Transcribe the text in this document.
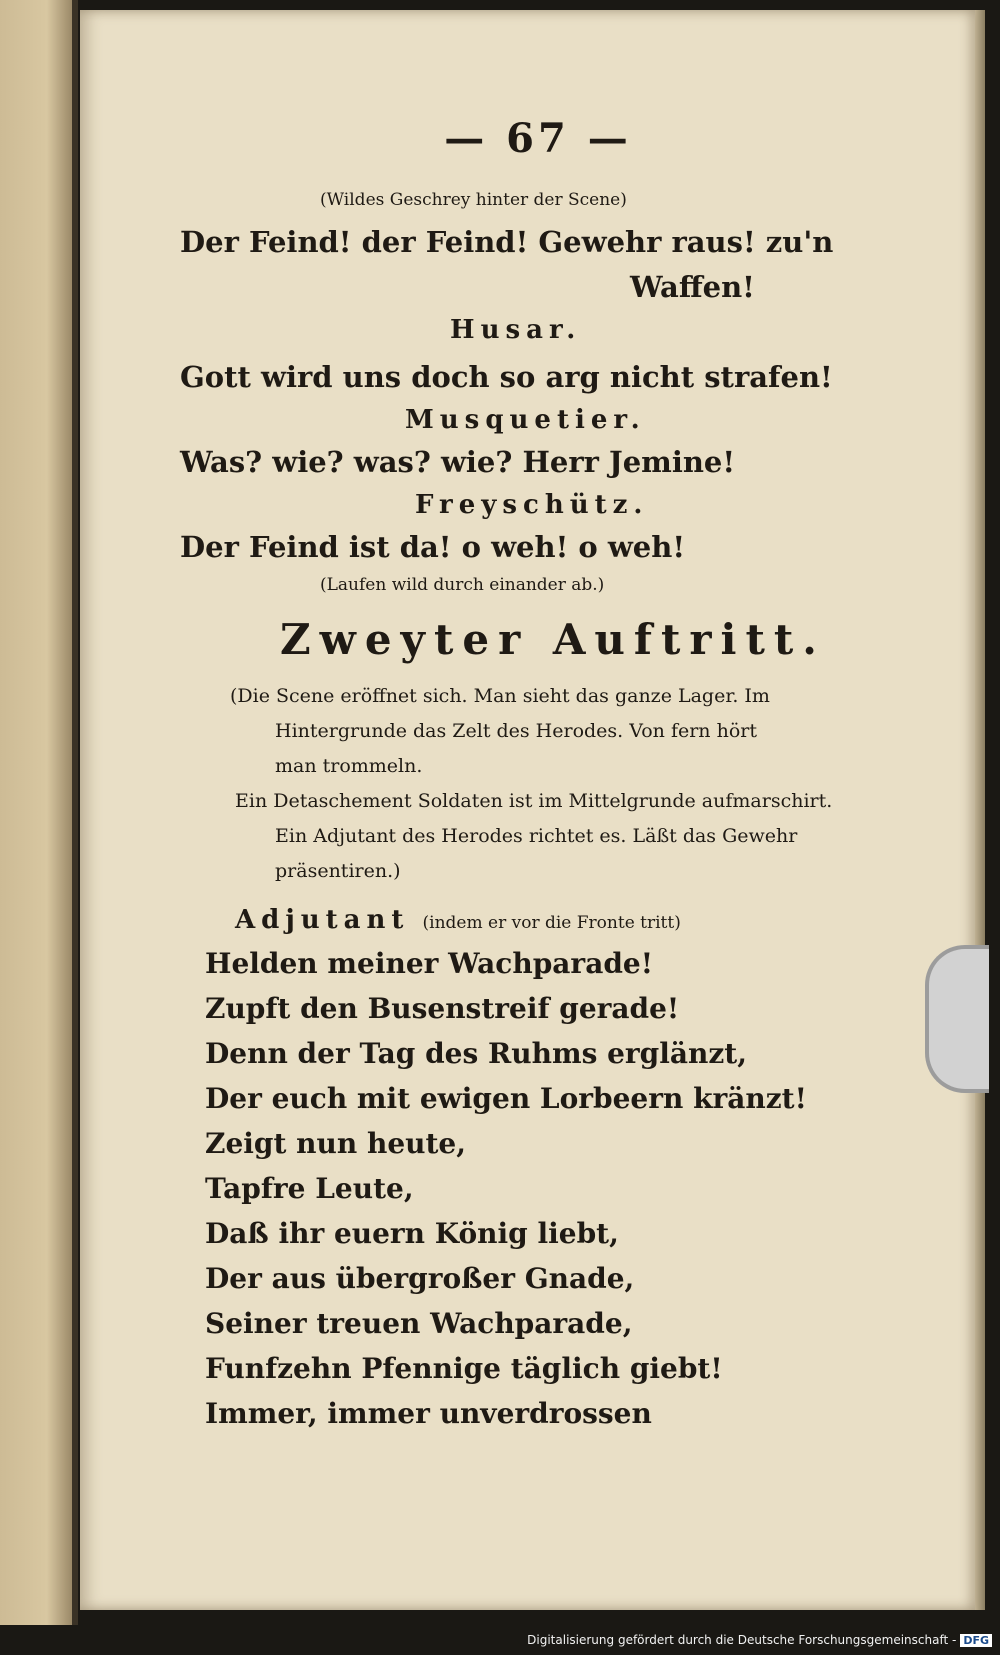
— 67 —
(Wildes Geschrey hinter der Scene)
Der Feind! der Feind! Gewehr raus! zu'n
Waffen!
Husar.
Gott wird uns doch so arg nicht strafen!
Musquetier.
Was? wie? was? wie? Herr Jemine!
Freyschütz.
Der Feind ist da! o weh! o weh!
(Laufen wild durch einander ab.)
Zweyter Auftritt.
(Die Scene eröffnet sich. Man sieht das ganze Lager. Im
Hintergrunde das Zelt des Herodes. Von fern hört
man trommeln.
Ein Detaschement Soldaten ist im Mittelgrunde aufmarschirt.
Ein Adjutant des Herodes richtet es. Läßt das Gewehr
präsentiren.)
Adjutant (indem er vor die Fronte tritt)
Helden meiner Wachparade!
Zupft den Busenstreif gerade!
Denn der Tag des Ruhms erglänzt,
Der euch mit ewigen Lorbeern kränzt!
Zeigt nun heute,
Tapfre Leute,
Daß ihr euern König liebt,
Der aus übergroßer Gnade,
Seiner treuen Wachparade,
Funfzehn Pfennige täglich giebt!
Immer, immer unverdrossen
Digitalisierung gefördert durch die Deutsche Forschungsgemeinschaft - DFG
